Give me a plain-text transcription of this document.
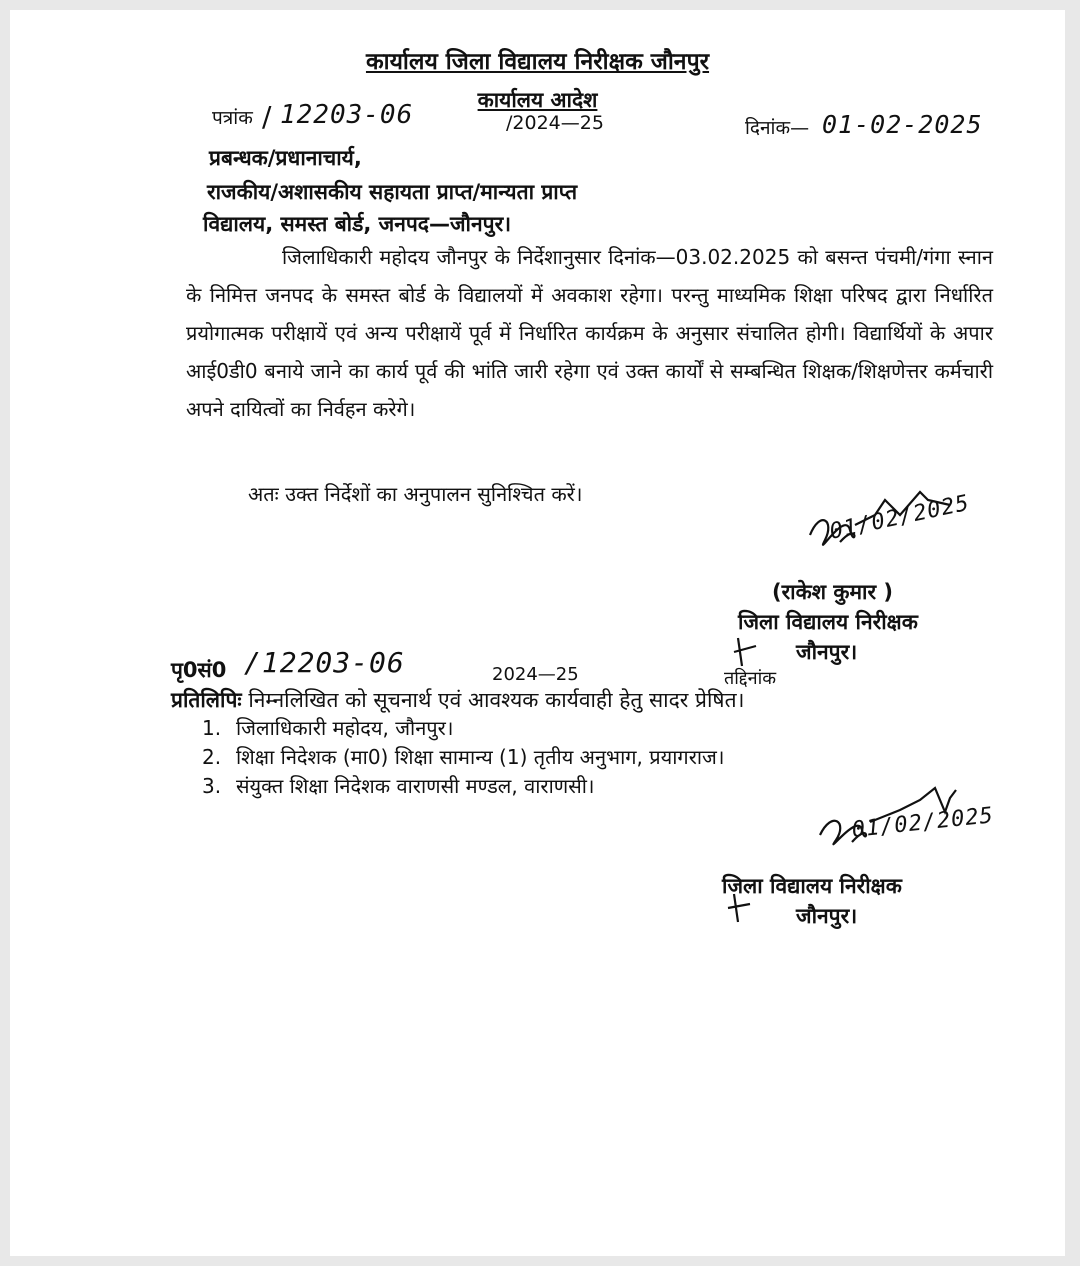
कार्यालय जिला विद्यालय निरीक्षक जौनपुर
कार्यालय आदेश
पत्रांक / 12203-06	/2024—25	दिनांक— 01-02-2025
प्रबन्धक/प्रधानाचार्य,
राजकीय/अशासकीय सहायता प्राप्त/मान्यता प्राप्त
विद्यालय, समस्त बोर्ड, जनपद—जौनपुर।
जिलाधिकारी महोदय जौनपुर के निर्देशानुसार दिनांक—03.02.2025 को बसन्त पंचमी/गंगा स्नान के निमित्त जनपद के समस्त बोर्ड के विद्यालयों में अवकाश रहेगा। परन्तु माध्यमिक शिक्षा परिषद द्वारा निर्धारित प्रयोगात्मक परीक्षायें एवं अन्य परीक्षायें पूर्व में निर्धारित कार्यक्रम के अनुसार संचालित होगी। विद्यार्थियों के अपार आई0डी0 बनाये जाने का कार्य पूर्व की भांति जारी रहेगा एवं उक्त कार्यों से सम्बन्धित शिक्षक/शिक्षणेत्तर कर्मचारी अपने दायित्वों का निर्वहन करेगे।
अतः उक्त निर्देशों का अनुपालन सुनिश्चित करें।	01/02/2025
(राकेश कुमार )
जिला विद्यालय निरीक्षक
जौनपुर।
पृ0सं0 /12203-06	2024—25	तद्दिनांक
प्रतिलिपिः निम्नलिखित को सूचनार्थ एवं आवश्यक कार्यवाही हेतु सादर प्रेषित।
1. जिलाधिकारी महोदय, जौनपुर।
2. शिक्षा निदेशक (मा0) शिक्षा सामान्य (1) तृतीय अनुभाग, प्रयागराज।
3. संयुक्त शिक्षा निदेशक वाराणसी मण्डल, वाराणसी।
01/02/2025
जिला विद्यालय निरीक्षक
जौनपुर।
